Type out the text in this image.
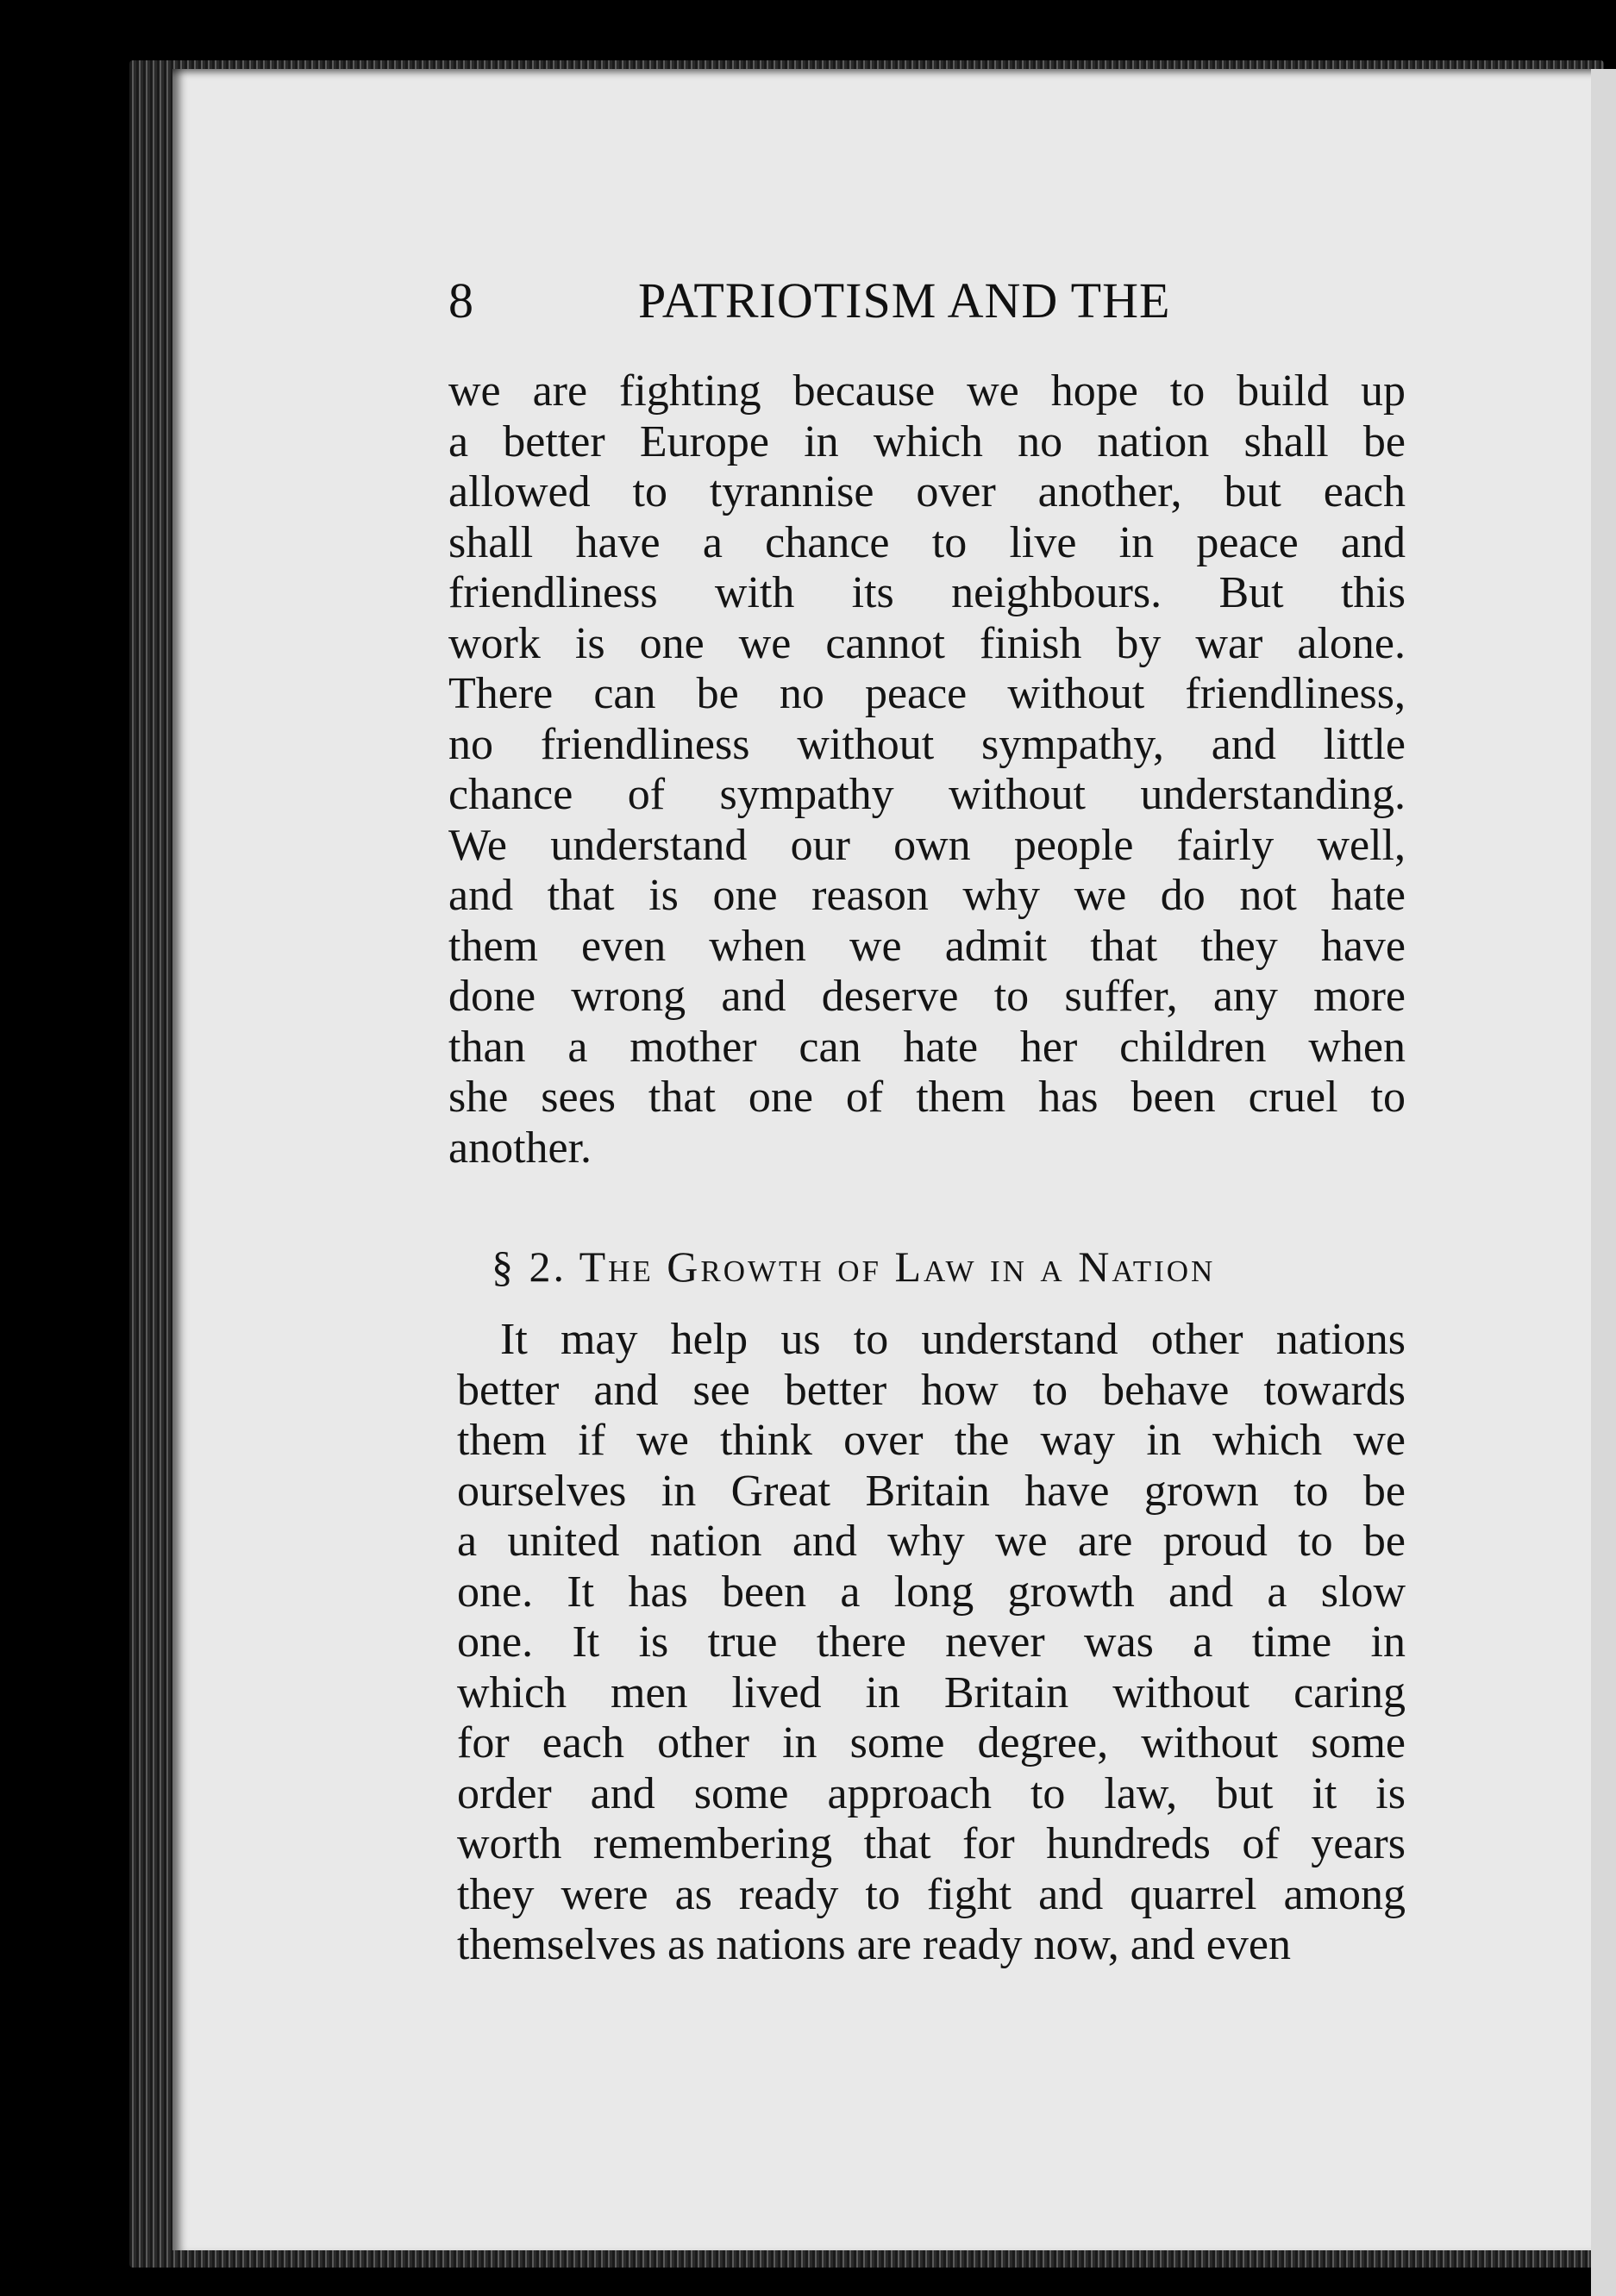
8	PATRIOTISM AND THE
we are fighting because we hope to build up
a better Europe in which no nation shall be
allowed to tyrannise over another, but each
shall have a chance to live in peace and
friendliness with its neighbours. But this
work is one we cannot finish by war alone.
There can be no peace without friendliness,
no friendliness without sympathy, and little
chance of sympathy without understanding.
We understand our own people fairly well,
and that is one reason why we do not hate
them even when we admit that they have
done wrong and deserve to suffer, any more
than a mother can hate her children when
she sees that one of them has been cruel to
another.
§ 2. The Growth of Law in a Nation
It may help us to understand other nations
better and see better how to behave towards
them if we think over the way in which we
ourselves in Great Britain have grown to be
a united nation and why we are proud to be
one. It has been a long growth and a slow
one. It is true there never was a time in
which men lived in Britain without caring
for each other in some degree, without some
order and some approach to law, but it is
worth remembering that for hundreds of years
they were as ready to fight and quarrel among
themselves as nations are ready now, and even
